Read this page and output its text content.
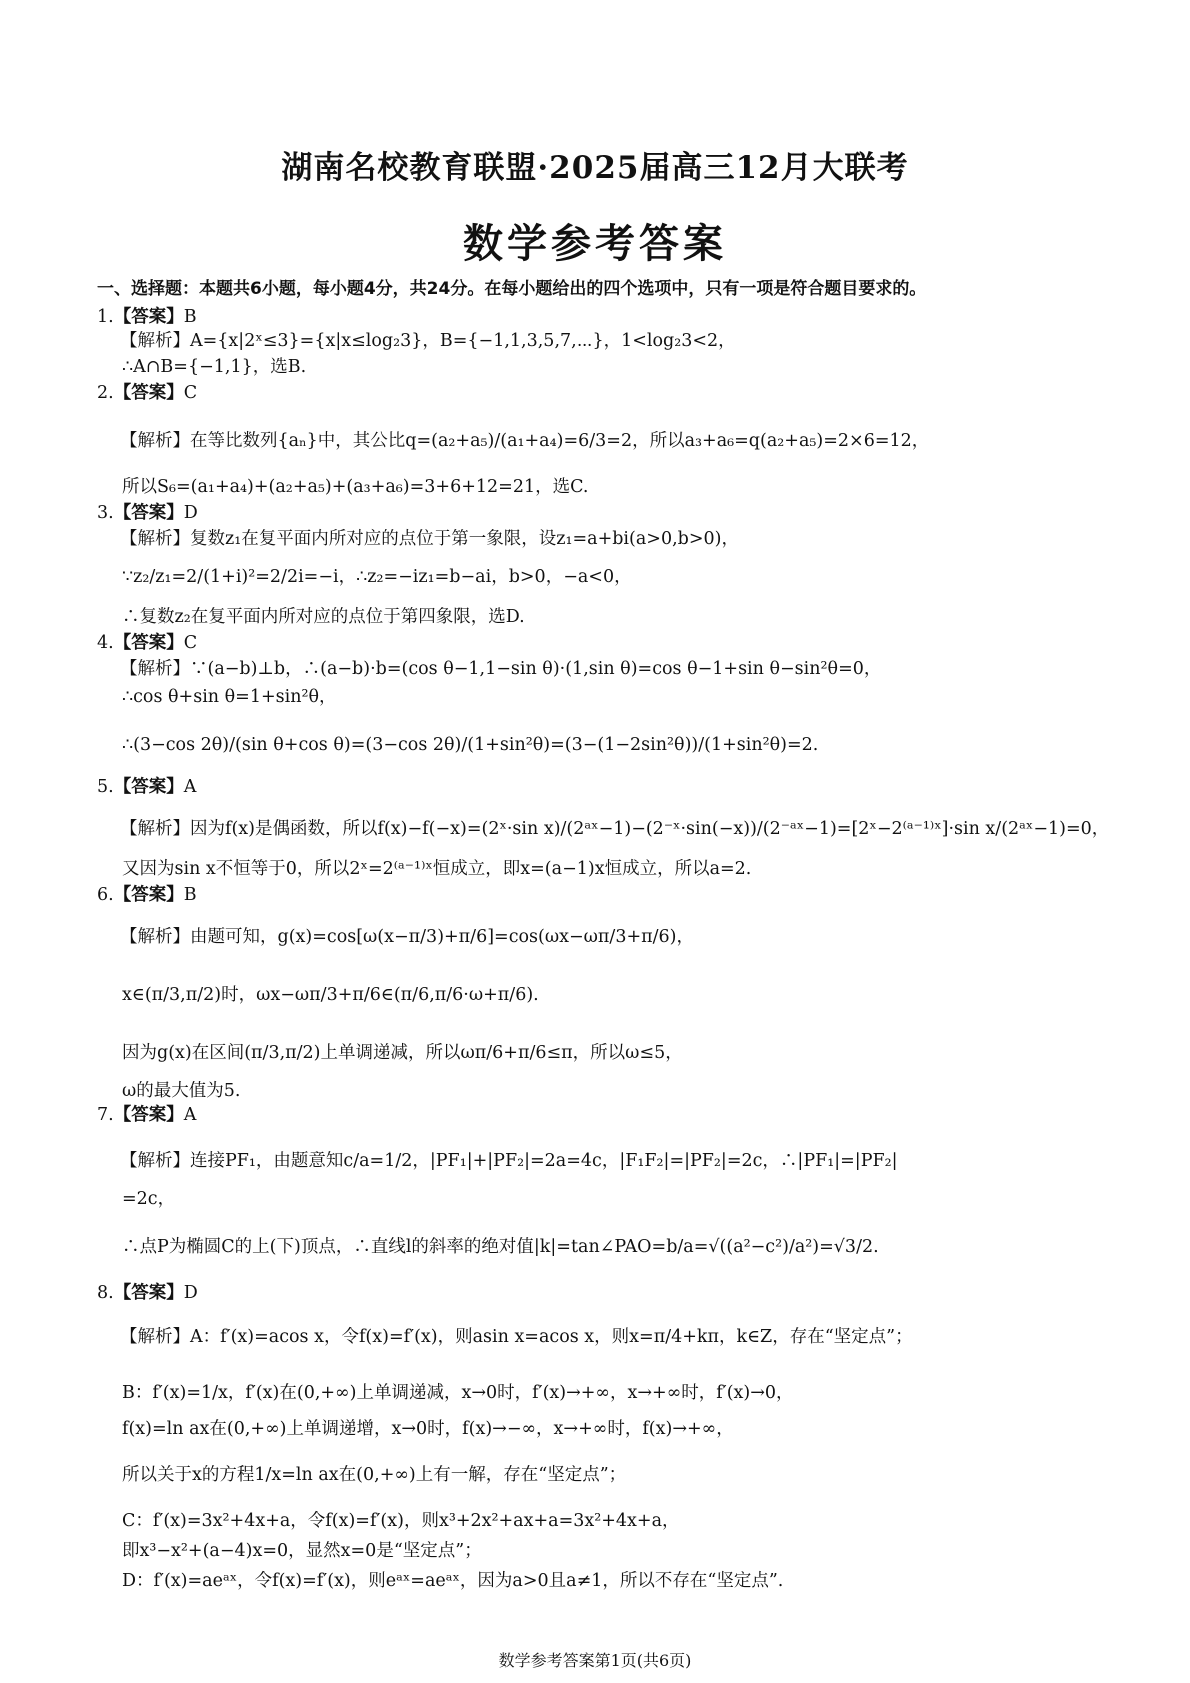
湖南名校教育联盟·2025届高三12月大联考
数学参考答案
一、选择题：本题共6小题，每小题4分，共24分。在每小题给出的四个选项中，只有一项是符合题目要求的。
1.【答案】B
【解析】A={x|2ˣ≤3}={x|x≤log₂3}，B={−1,1,3,5,7,⋯}，1<log₂3<2，
∴A∩B={−1,1}，选B.
2.【答案】C
【解析】在等比数列{aₙ}中，其公比q=(a₂+a₅)/(a₁+a₄)=6/3=2，所以a₃+a₆=q(a₂+a₅)=2×6=12，
所以S₆=(a₁+a₄)+(a₂+a₅)+(a₃+a₆)=3+6+12=21，选C.
3.【答案】D
【解析】复数z₁在复平面内所对应的点位于第一象限，设z₁=a+bi(a>0,b>0)，
∵z₂/z₁=2/(1+i)²=2/2i=−i，∴z₂=−iz₁=b−ai，b>0，−a<0，
∴复数z₂在复平面内所对应的点位于第四象限，选D.
4.【答案】C
【解析】∵(a−b)⊥b，∴(a−b)·b=(cos θ−1,1−sin θ)·(1,sin θ)=cos θ−1+sin θ−sin²θ=0，
∴cos θ+sin θ=1+sin²θ，
∴(3−cos 2θ)/(sin θ+cos θ)=(3−cos 2θ)/(1+sin²θ)=(3−(1−2sin²θ))/(1+sin²θ)=2.
5.【答案】A
【解析】因为f(x)是偶函数，所以f(x)−f(−x)=(2ˣ·sin x)/(2ᵃˣ−1)−(2⁻ˣ·sin(−x))/(2⁻ᵃˣ−1)=[2ˣ−2⁽ᵃ⁻¹⁾ˣ]·sin x/(2ᵃˣ−1)=0，
又因为sin x不恒等于0，所以2ˣ=2⁽ᵃ⁻¹⁾ˣ恒成立，即x=(a−1)x恒成立，所以a=2.
6.【答案】B
【解析】由题可知，g(x)=cos[ω(x−π/3)+π/6]=cos(ωx−ωπ/3+π/6)，
x∈(π/3,π/2)时，ωx−ωπ/3+π/6∈(π/6,π/6·ω+π/6).
因为g(x)在区间(π/3,π/2)上单调递减，所以ωπ/6+π/6≤π，所以ω≤5，
ω的最大值为5.
7.【答案】A
【解析】连接PF₁，由题意知c/a=1/2，|PF₁|+|PF₂|=2a=4c，|F₁F₂|=|PF₂|=2c，∴|PF₁|=|PF₂|
=2c，
∴点P为椭圆C的上(下)顶点，∴直线l的斜率的绝对值|k|=tan∠PAO=b/a=√((a²−c²)/a²)=√3/2.
8.【答案】D
【解析】A：f′(x)=acos x，令f(x)=f′(x)，则asin x=acos x，则x=π/4+kπ，k∈Z，存在“坚定点”；
B：f′(x)=1/x，f′(x)在(0,+∞)上单调递减，x→0时，f′(x)→+∞，x→+∞时，f′(x)→0，
f(x)=ln ax在(0,+∞)上单调递增，x→0时，f(x)→−∞，x→+∞时，f(x)→+∞，
所以关于x的方程1/x=ln ax在(0,+∞)上有一解，存在“坚定点”；
C：f′(x)=3x²+4x+a，令f(x)=f′(x)，则x³+2x²+ax+a=3x²+4x+a，
即x³−x²+(a−4)x=0，显然x=0是“坚定点”；
D：f′(x)=aeᵃˣ，令f(x)=f′(x)，则eᵃˣ=aeᵃˣ，因为a>0且a≠1，所以不存在“坚定点”.
数学参考答案第1页(共6页)
